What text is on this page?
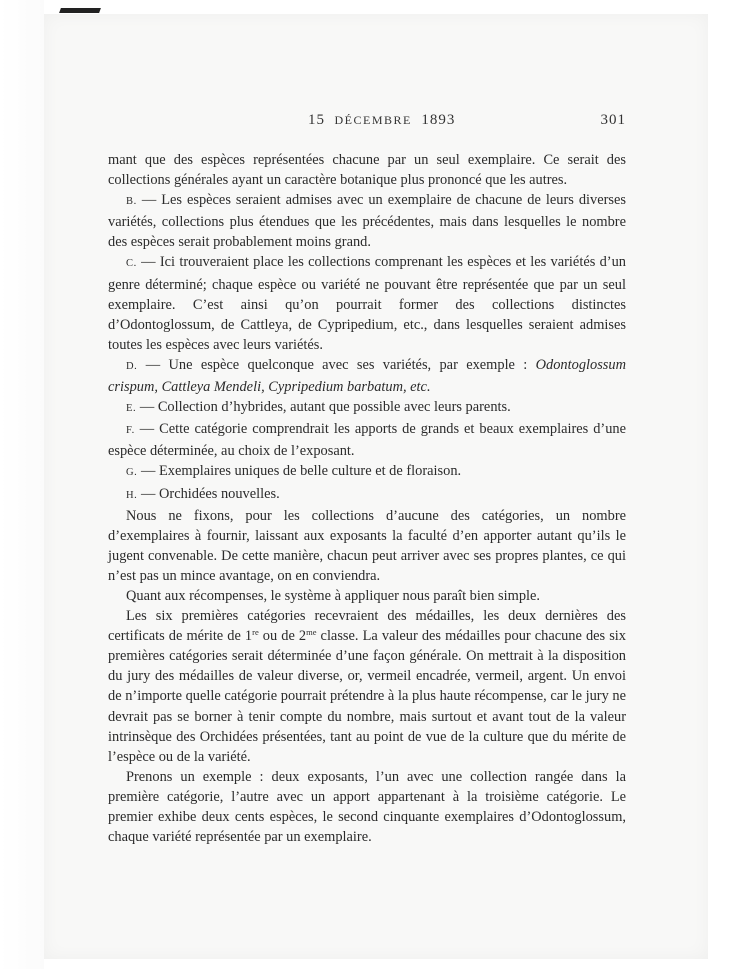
15 DÉCEMBRE 1893	301

mant que des espèces représentées chacune par un seul exemplaire. Ce serait des collections générales ayant un caractère botanique plus prononcé que les autres.

B. — Les espèces seraient admises avec un exemplaire de chacune de leurs diverses variétés, collections plus étendues que les précédentes, mais dans lesquelles le nombre des espèces serait probablement moins grand.

C. — Ici trouveraient place les collections comprenant les espèces et les variétés d’un genre déterminé; chaque espèce ou variété ne pouvant être représentée que par un seul exemplaire. C’est ainsi qu’on pourrait former des collections distinctes d’Odontoglossum, de Cattleya, de Cypripedium, etc., dans lesquelles seraient admises toutes les espèces avec leurs variétés.

D. — Une espèce quelconque avec ses variétés, par exemple : Odontoglossum crispum, Cattleya Mendeli, Cypripedium barbatum, etc.

E. — Collection d’hybrides, autant que possible avec leurs parents.

F. — Cette catégorie comprendrait les apports de grands et beaux exemplaires d’une espèce déterminée, au choix de l’exposant.

G. — Exemplaires uniques de belle culture et de floraison.

H. — Orchidées nouvelles.

Nous ne fixons, pour les collections d’aucune des catégories, un nombre d’exemplaires à fournir, laissant aux exposants la faculté d’en apporter autant qu’ils le jugent convenable. De cette manière, chacun peut arriver avec ses propres plantes, ce qui n’est pas un mince avantage, on en conviendra.

Quant aux récompenses, le système à appliquer nous paraît bien simple.

Les six premières catégories recevraient des médailles, les deux dernières des certificats de mérite de 1re ou de $2^{me}$ classe. La valeur des médailles pour chacune des six premières catégories serait déterminée d’une façon générale. On mettrait à la disposition du jury des médailles de valeur diverse, or, vermeil encadrée, vermeil, argent. Un envoi de n’importe quelle catégorie pourrait prétendre à la plus haute récompense, car le jury ne devrait pas se borner à tenir compte du nombre, mais surtout et avant tout de la valeur intrinsèque des Orchidées présentées, tant au point de vue de la culture que du mérite de l’espèce ou de la variété.

Prenons un exemple : deux exposants, l’un avec une collection rangée dans la première catégorie, l’autre avec un apport appartenant à la troisième catégorie. Le premier exhibe deux cents espèces, le second cinquante exemplaires d’Odontoglossum, chaque variété représentée par un exemplaire.
